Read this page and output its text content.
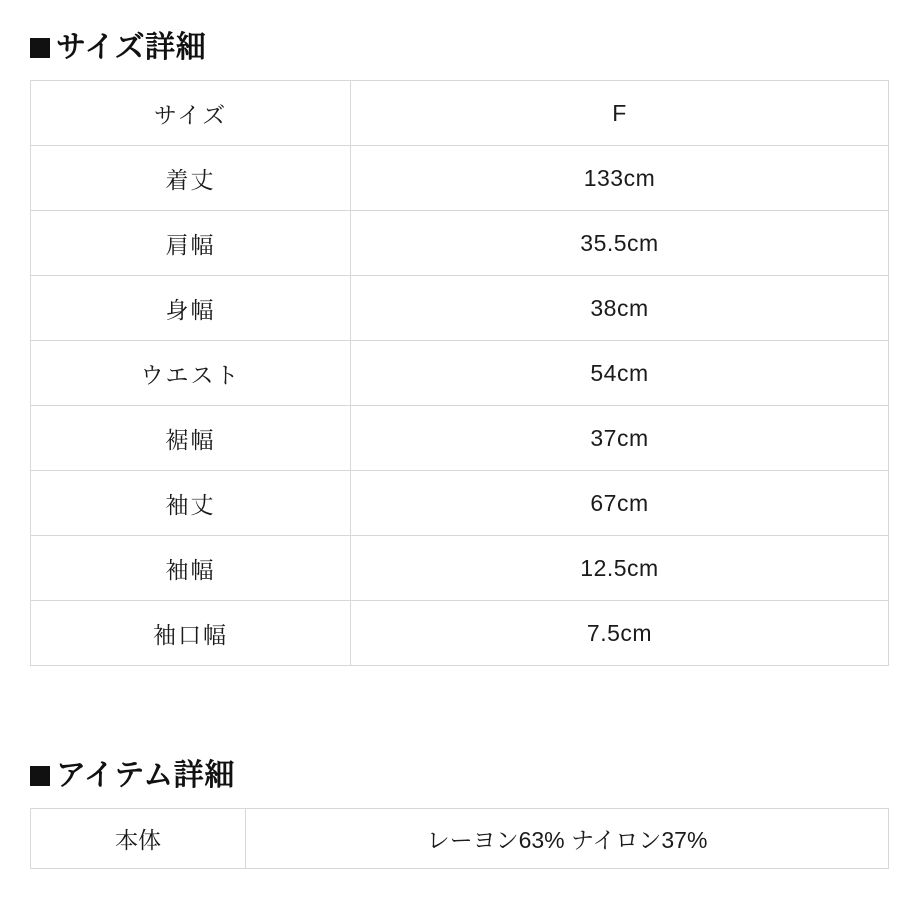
サイズ詳細
サイズ	F
着丈	133cm
肩幅	35.5cm
身幅	38cm
ウエスト	54cm
裾幅	37cm
袖丈	67cm
袖幅	12.5cm
袖口幅	7.5cm
アイテム詳細
本体	レーヨン63% ナイロン37%
